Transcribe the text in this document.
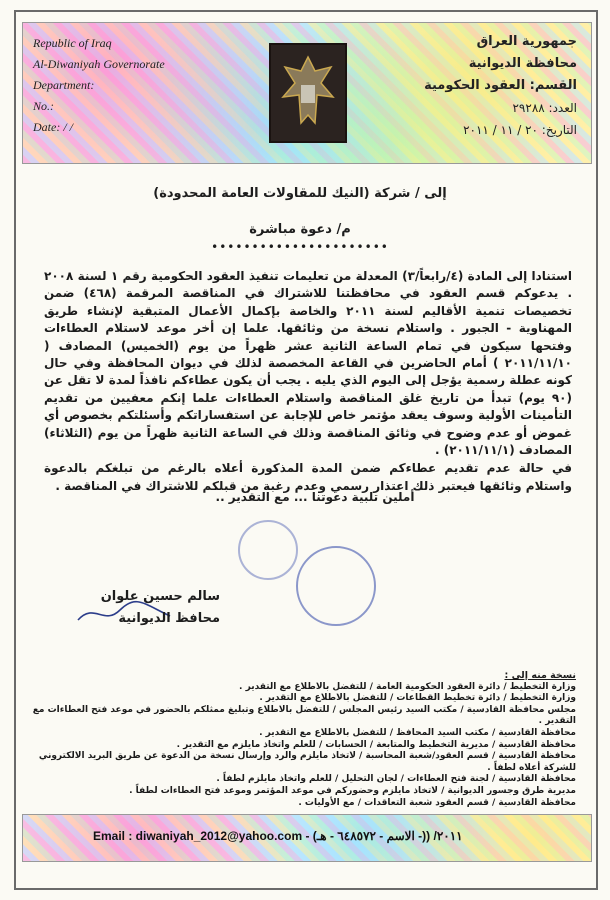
Republic of Iraq
Al-Diwaniyah Governorate
Department:
No.:
Date: / /
جمهورية العراق
محافظة الديوانية
القسم: العقود الحكومية
العدد: ٢٩٢٨٨
التاريخ: ٢٠ / ١١ / ٢٠١١
إلى / شركة (النيك للمقاولات العامة المحدودة)
م/ دعوة مباشرة
••••••••••••••••••••••

استنادا إلى المادة (٤/رابعاً/٣) المعدلة من تعليمات تنفيذ العقود الحكومية رقم ١ لسنة ٢٠٠٨ . يدعوكم قسم العقود في محافظتنا للاشتراك في المناقصة المرقمة (٤٦٨) ضمن تخصيصات تنمية الأقاليم لسنة ٢٠١١ والخاصة بإكمال الأعمال المتبقية لإنشاء طريق المهناوية - الجبور . واستلام نسخة من وثائقها. علما إن أخر موعد لاستلام العطاءات وفتحها سيكون في تمام الساعة الثانية عشر ظهراً من يوم (الخميس) المصادف ( ٢٠١١/١١/١٠ ) أمام الحاضرين في القاعة المخصصة لذلك في ديوان المحافظة وفي حال كونه عطلة رسمية يؤجل إلى اليوم الذي يليه . يجب أن يكون عطاءكم نافذاً لمدة لا تقل عن (٩٠ يوم) تبدأ من تاريخ غلق المناقصة واستلام العطاءات علما إنكم معفيين من تقديم التأمينات الأولية وسوف يعقد مؤتمر خاص للإجابة عن استفساراتكم وأسئلتكم بخصوص أي غموض أو عدم وضوح في وثائق المناقصة وذلك في الساعة الثانية ظهراً من يوم (الثلاثاء) المصادف (٢٠١١/١١/١) .

في حالة عدم تقديم عطاءكم ضمن المدة المذكورة أعلاه بالرغم من تبلغكم بالدعوة واستلام وثائقها فيعتبر ذلك اعتذار رسمي وعدم رغبة من قبلكم للاشتراك في المناقصة .

أملين تلبية دعوتنا ... مع التقدير ..
سالم حسين علوان
محافظ الديوانية
نسخة منه إلى :
وزارة التخطيط / دائرة العقود الحكومية العامة / للتفضل بالاطلاع مع التقدير .
وزارة التخطيط / دائرة تخطيط القطاعات / للتفضل بالاطلاع مع التقدير .
مجلس محافظة القادسية / مكتب السيد رئيس المجلس / للتفضل بالاطلاع وتبليغ ممثلكم بالحضور في موعد فتح العطاءات مع التقدير .
محافظة القادسية / مكتب السيد المحافظ / للتفضل بالاطلاع مع التقدير .
محافظة القادسية / مديرية التخطيط والمتابعة / الحسابات / للعلم واتخاذ مايلزم مع التقدير .
محافظة القادسية / قسم العقود/شعبة المحاسبة / لاتخاذ مايلزم والرد وإرسال نسخة من الدعوة عن طريق البريد الالكتروني للشركة أعلاه لطفاً .
محافظة القادسية / لجنة فتح العطاءات / لجان التحليل / للعلم واتخاذ مايلزم لطفاً .
مديرية طرق وجسور الديوانية / لاتخاذ مايلزم وحضوركم في موعد المؤتمر وموعد فتح العطاءات لطفاً .
محافظة القادسية / قسم العقود شعبة التعاقدات / مع الأوليات .
Email : diwaniyah_2012@yahoo.com - (٢٠١١/ ((- الاسم - ٦٤٨٥٧٢ - هـ
